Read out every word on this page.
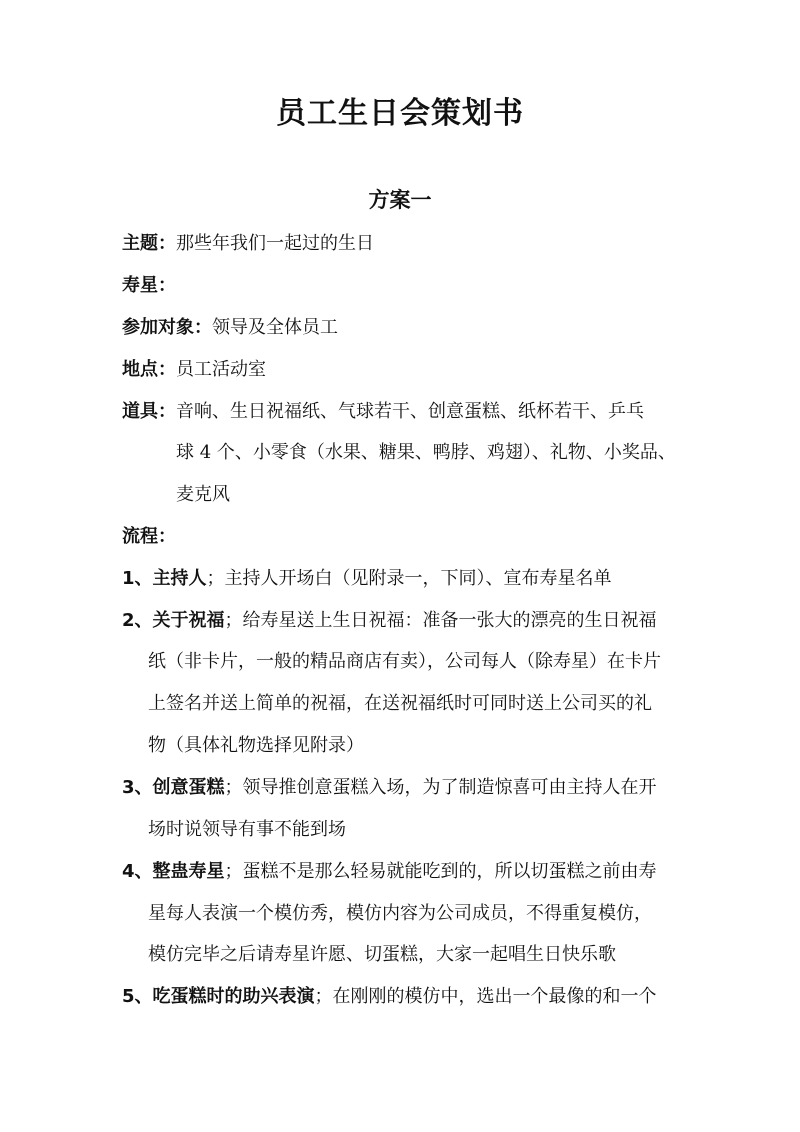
员工生日会策划书
方案一
主题：那些年我们一起过的生日
寿星：
参加对象：领导及全体员工
地点：员工活动室
道具：音响、生日祝福纸、气球若干、创意蛋糕、纸杯若干、乒乓
球 4 个、小零食（水果、糖果、鸭脖、鸡翅）、礼物、小奖品、
麦克风
流程：
1、主持人；主持人开场白（见附录一，下同）、宣布寿星名单
2、关于祝福；给寿星送上生日祝福：准备一张大的漂亮的生日祝福
纸（非卡片，一般的精品商店有卖），公司每人（除寿星）在卡片
上签名并送上简单的祝福，在送祝福纸时可同时送上公司买的礼
物（具体礼物选择见附录）
3、创意蛋糕；领导推创意蛋糕入场，为了制造惊喜可由主持人在开
场时说领导有事不能到场
4、整蛊寿星；蛋糕不是那么轻易就能吃到的，所以切蛋糕之前由寿
星每人表演一个模仿秀，模仿内容为公司成员，不得重复模仿，
模仿完毕之后请寿星许愿、切蛋糕，大家一起唱生日快乐歌
5、吃蛋糕时的助兴表演；在刚刚的模仿中，选出一个最像的和一个
